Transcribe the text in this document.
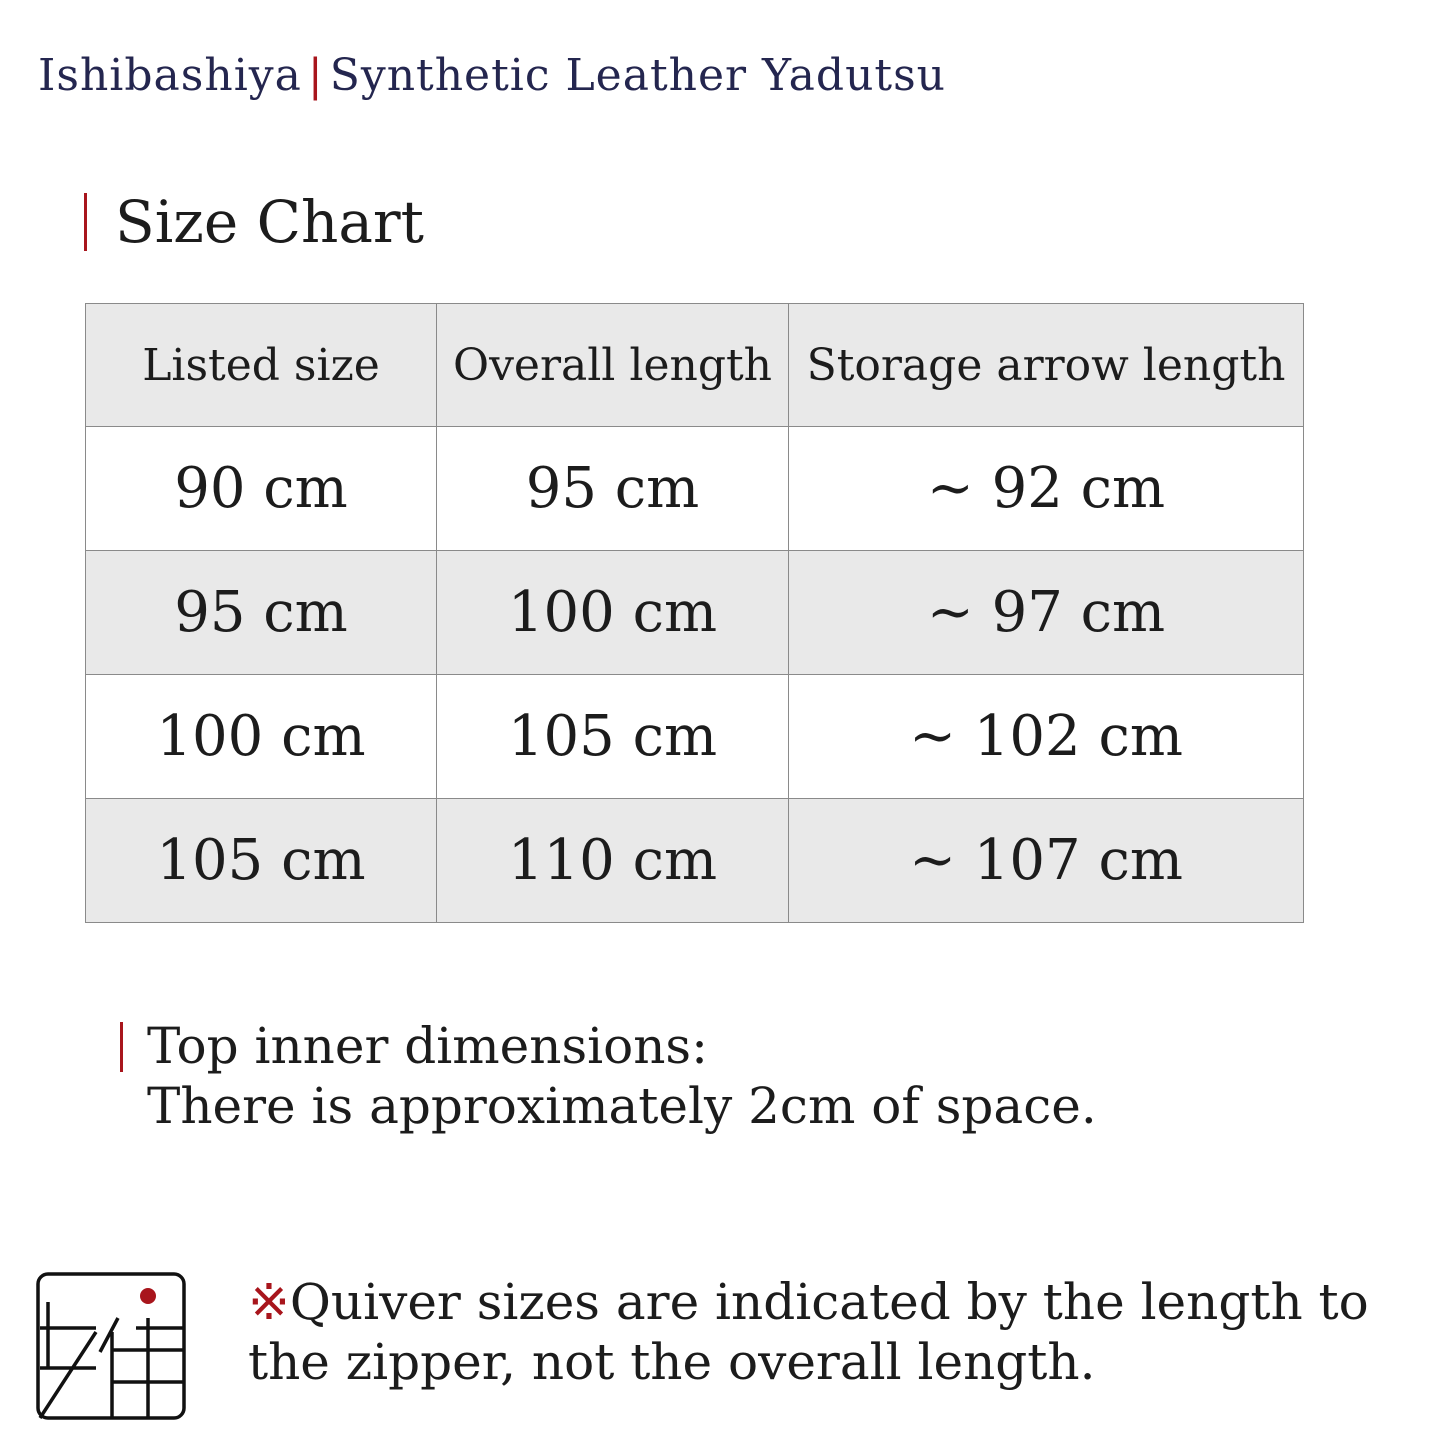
Ishibashiya | Synthetic Leather Yadutsu
Size Chart
Listed size	Overall length	Storage arrow length
90 cm	95 cm	~ 92 cm
95 cm	100 cm	~ 97 cm
100 cm	105 cm	~ 102 cm
105 cm	110 cm	~ 107 cm
Top inner dimensions:
There is approximately 2cm of space.
※Quiver sizes are indicated by the length to the zipper, not the overall length.
